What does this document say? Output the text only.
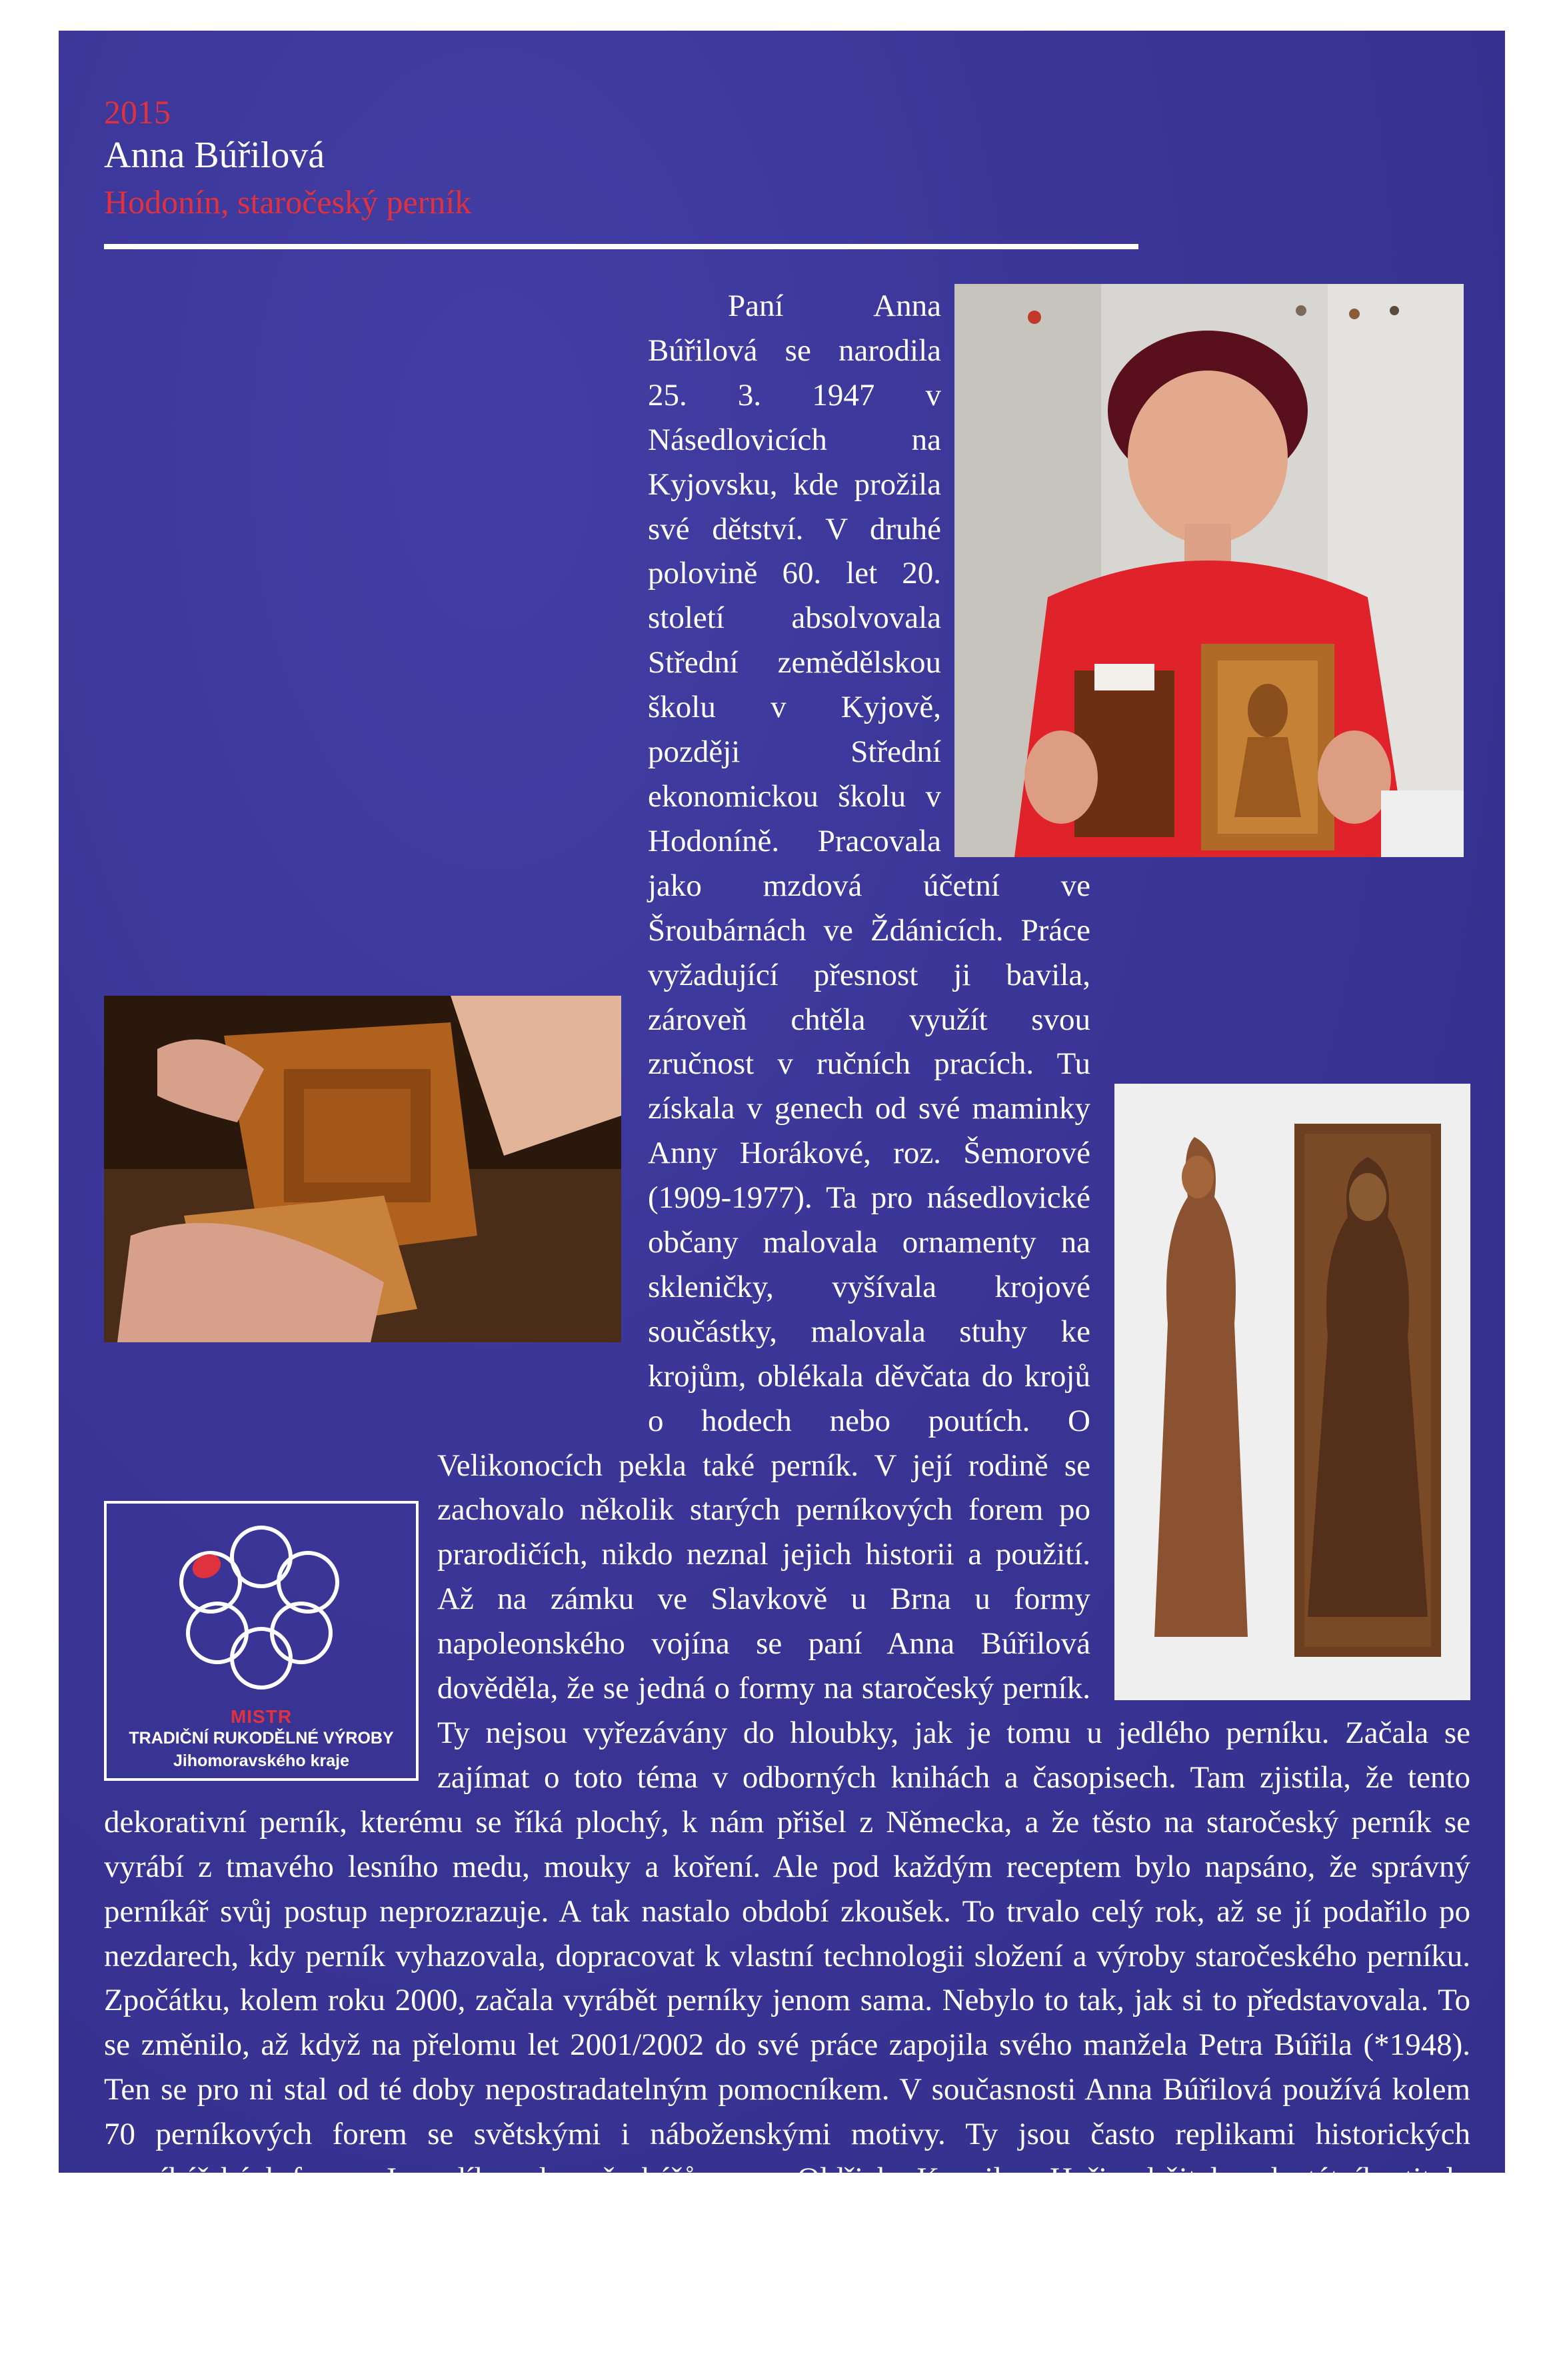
2015
Anna Búřilová
Hodonín, staročeský perník

Paní Anna Búřilová se narodila 25. 3. 1947 v Násedlovicích na Kyjovsku, kde prožila své dětství. V druhé polovině 60. let 20. století absolvovala Střední zemědělskou školu v Kyjově, později Střední ekonomickou školu v Hodoníně. Pracovala jako mzdová účetní ve Šroubárnách ve Ždánicích. Práce vyžadující přesnost ji bavila, zároveň chtěla využít svou zručnost v ručních pracích. Tu získala v genech od své maminky Anny Horákové, roz. Šemorové (1909-1977). Ta pro násedlovické občany malovala ornamenty na skleničky, vyšívala krojové součástky, malovala stuhy ke krojům, oblékala děvčata do krojů o hodech nebo poutích. O Velikonocích pekla také perník. V její rodině se zachovalo několik starých perníkových forem po prarodičích, nikdo neznal jejich historii a použití. Až na zámku ve Slavkově u Brna u formy napoleonského vojína se paní Anna Búřilová dověděla, že se jedná o formy na staročeský perník. Ty nejsou vyřezávány do hloubky, jak je tomu u jedlého perníku. Začala se zajímat o toto téma v odborných knihách a časopisech. Tam zjistila, že tento dekorativní perník, kterému se říká plochý, k nám přišel z Německa, a že těsto na staročeský perník se vyrábí z tmavého lesního medu, mouky a koření. Ale pod každým receptem bylo napsáno, že správný perníkář svůj postup neprozrazuje. A tak nastalo období zkoušek. To trvalo celý rok, až se jí podařilo po nezdarech, kdy perník vyhazovala, dopracovat k vlastní technologii složení a výroby staročeského perníku. Zpočátku, kolem roku 2000, začala vyrábět perníky jenom sama. Nebylo to tak, jak si to představovala. To se změnilo, až když na přelomu let 2001/2002 do své práce zapojila svého manžela Petra Búřila (*1948). Ten se pro ni stal od té doby nepostradatelným pomocníkem. V současnosti Anna Búřilová používá kolem 70 perníkových forem se světskými i náboženskými motivy. Ty jsou často replikami historických perníkářských forem. Jsou dílem dvou řezbářů - pana Oldřicha Kvapila z Hořic, držitele celostátního titulu Nositel tradice lidových řemesel v oboru výroby perníkových forem, a pana Jiřího Rückera z Peček na Kolínsku. Anna Búřilová se aktivně účastní různých řemeslných jarmarků, veletrhů, výstavních a předváděcích akcí v muzeích nejenom u nás doma, ale také v zahraničí. Aby receptura a postup zůstaly zachovány v rodině, naučili staročeský perník dělat svého syna Vítězslava (*1974).

MISTR
TRADIČNÍ RUKODĚLNÉ VÝROBY
Jihomoravského kraje
